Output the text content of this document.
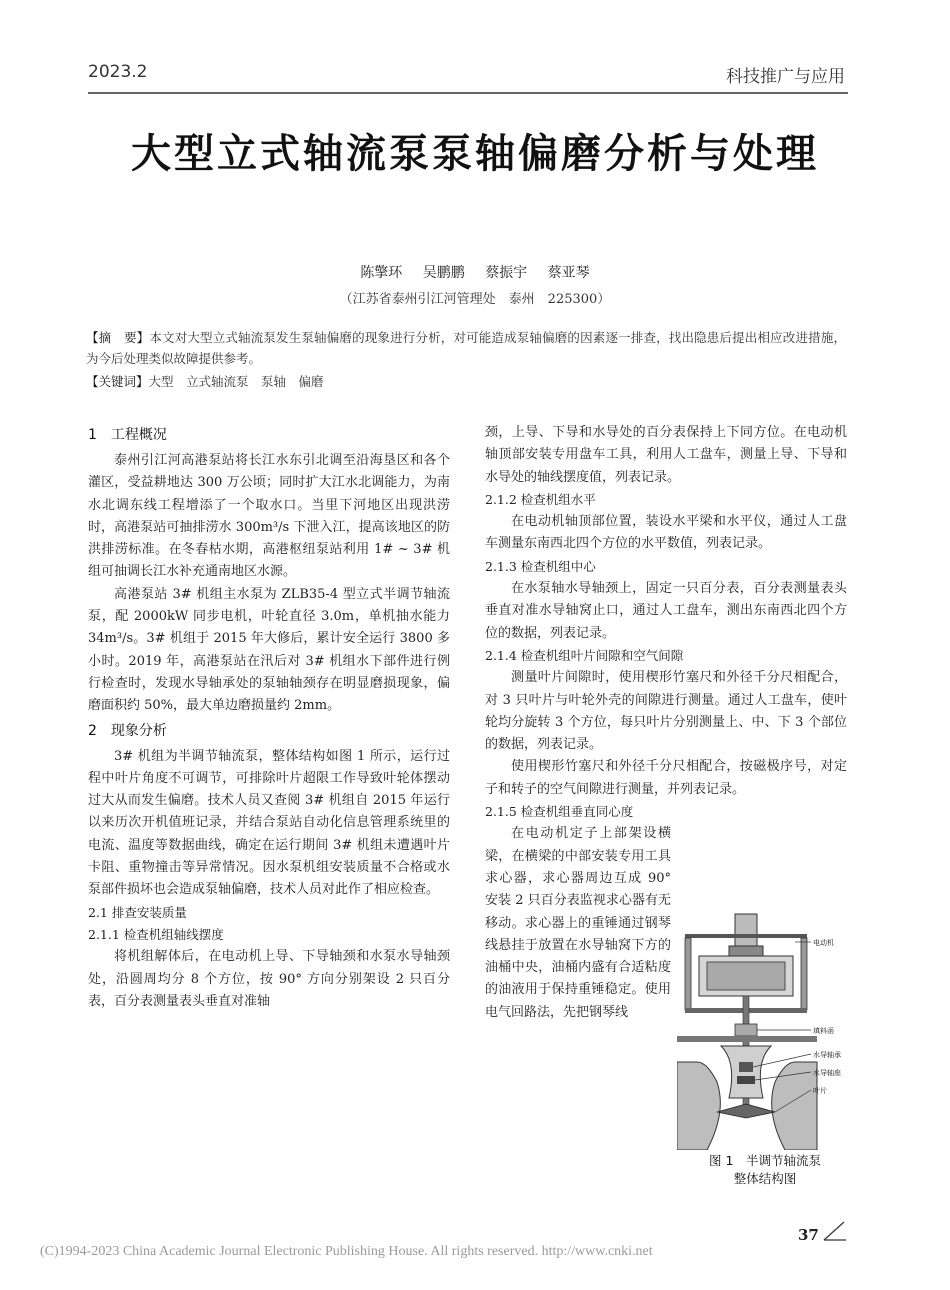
2023.2	科技推广与应用
大型立式轴流泵泵轴偏磨分析与处理
陈擎环 吴鹏鹏 蔡振宇 蔡亚琴
（江苏省泰州引江河管理处　泰州　225300）
【摘　要】本文对大型立式轴流泵发生泵轴偏磨的现象进行分析，对可能造成泵轴偏磨的因素逐一排查，找出隐患后提出相应改进措施，为今后处理类似故障提供参考。
【关键词】大型　立式轴流泵　泵轴　偏磨
1　工程概况

泰州引江河高港泵站将长江水东引北调至沿海垦区和各个灌区，受益耕地达 300 万公顷；同时扩大江水北调能力，为南水北调东线工程增添了一个取水口。当里下河地区出现洪涝时，高港泵站可抽排涝水 300m³/s 下泄入江，提高该地区的防洪排涝标准。在冬春枯水期，高港枢纽泵站利用 1# ~ 3# 机组可抽调长江水补充通南地区水源。

高港泵站 3# 机组主水泵为 ZLB35-4 型立式半调节轴流泵，配 2000kW 同步电机，叶轮直径 3.0m，单机抽水能力 34m³/s。3# 机组于 2015 年大修后，累计安全运行 3800 多小时。2019 年，高港泵站在汛后对 3# 机组水下部件进行例行检查时，发现水导轴承处的泵轴轴颈存在明显磨损现象，偏磨面积约 50%，最大单边磨损量约 2mm。

2　现象分析

3# 机组为半调节轴流泵，整体结构如图 1 所示，运行过程中叶片角度不可调节，可排除叶片超限工作导致叶轮体摆动过大从而发生偏磨。技术人员又查阅 3# 机组自 2015 年运行以来历次开机值班记录，并结合泵站自动化信息管理系统里的电流、温度等数据曲线，确定在运行期间 3# 机组未遭遇叶片卡阻、重物撞击等异常情况。因水泵机组安装质量不合格或水泵部件损坏也会造成泵轴偏磨，技术人员对此作了相应检查。

2.1 排查安装质量
2.1.1 检查机组轴线摆度

将机组解体后，在电动机上导、下导轴颈和水泵水导轴颈处，沿圆周均分 8 个方位，按 90° 方向分别架设 2 只百分表，百分表测量表头垂直对准轴

颈，上导、下导和水导处的百分表保持上下同方位。在电动机轴顶部安装专用盘车工具，利用人工盘车，测量上导、下导和水导处的轴线摆度值，列表记录。

2.1.2 检查机组水平

在电动机轴顶部位置，装设水平梁和水平仪，通过人工盘车测量东南西北四个方位的水平数值，列表记录。

2.1.3 检查机组中心

在水泵轴水导轴颈上，固定一只百分表，百分表测量表头垂直对准水导轴窝止口，通过人工盘车，测出东南西北四个方位的数据，列表记录。

2.1.4 检查机组叶片间隙和空气间隙

测量叶片间隙时，使用楔形竹塞尺和外径千分尺相配合，对 3 只叶片与叶轮外壳的间隙进行测量。通过人工盘车，使叶轮均分旋转 3 个方位，每只叶片分别测量上、中、下 3 个部位的数据，列表记录。

使用楔形竹塞尺和外径千分尺相配合，按磁极序号，对定子和转子的空气间隙进行测量，并列表记录。

2.1.5 检查机组垂直同心度

在电动机定子上部架设横梁，在横梁的中部安装专用工具求心器，求心器周边互成 90° 安装 2 只百分表监视求心器有无移动。求心器上的重锤通过钢琴线悬挂于放置在水导轴窝下方的油桶中央，油桶内盛有合适粘度的油液用于保持重锤稳定。使用电气回路法，先把钢琴线

电动机
填料函
水导轴承
水导轴座
叶片
图 1　半调节轴流泵
整体结构图
37
(C)1994-2023 China Academic Journal Electronic Publishing House. All rights reserved. http://www.cnki.net
